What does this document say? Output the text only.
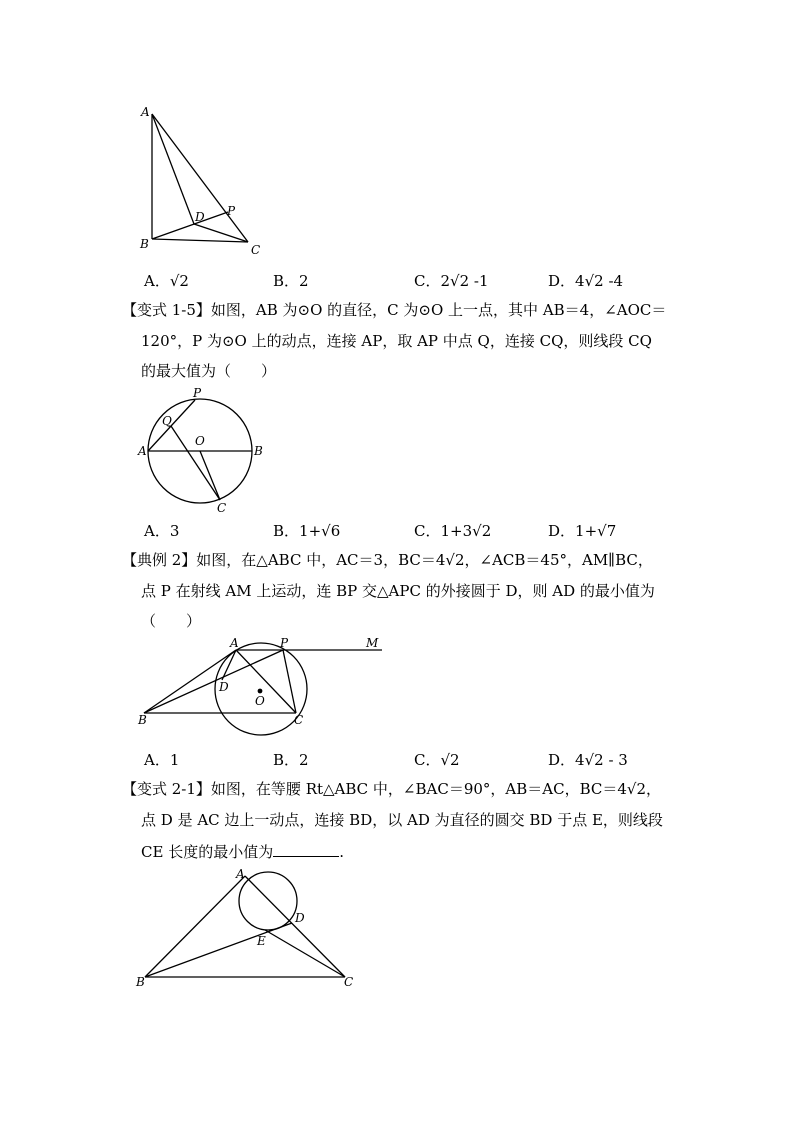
A
B	C
D P
A．√2	B．2	C．2√2 -1	D．4√2 -4
【变式 1-5】如图，AB 为⊙O 的直径，C 为⊙O 上一点，其中 AB＝4，∠AOC＝
120°，P 为⊙O 上的动点，连接 AP，取 AP 中点 Q，连接 CQ，则线段 CQ
的最大值为（　　）
P
Q
O
A	B
C
A．3	B．1+√6	C．1+3√2	D．1+√7
【典例 2】如图，在△ABC 中，AC＝3，BC＝4√2，∠ACB＝45°，AM∥BC，
点 P 在射线 AM 上运动，连 BP 交△APC 的外接圆于 D，则 AD 的最小值为
（　　）
A	P	M
D
O
B	C
A．1	B．2	C．√2	D．4√2 - 3
【变式 2-1】如图，在等腰 Rt△ABC 中，∠BAC＝90°，AB＝AC，BC＝4√2，
点 D 是 AC 边上一动点，连接 BD，以 AD 为直径的圆交 BD 于点 E，则线段
CE 长度的最小值为	.
A
D
E
B	C
